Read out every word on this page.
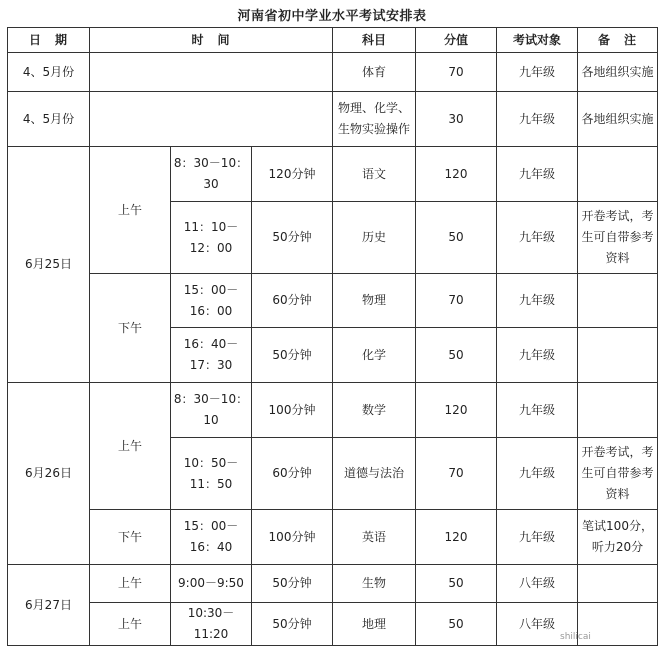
河南省初中学业水平考试安排表
日　期	时　间			科目	分值	考试对象	备　注
4、5月份				体育	70	九年级	各地组织实施
4、5月份				物理、化学、生物实验操作	30	九年级	各地组织实施
6月25日	上午	8：30－10：30	120分钟	语文	120	九年级	
		11：10－12：00	50分钟	历史	50	九年级	开卷考试，考生可自带参考资料
	下午	15：00－16：00	60分钟	物理	70	九年级	
		16：40－17：30	50分钟	化学	50	九年级	
6月26日	上午	8：30－10：10	100分钟	数学	120	九年级	
		10：50－11：50	60分钟	道德与法治	70	九年级	开卷考试，考生可自带参考资料
	下午	15：00－16：40	100分钟	英语	120	九年级	笔试100分，听力20分
6月27日	上午	9:00－9:50	50分钟	生物	50	八年级	
	上午	10:30－11:20	50分钟	地理	50	八年级	
shilicai
